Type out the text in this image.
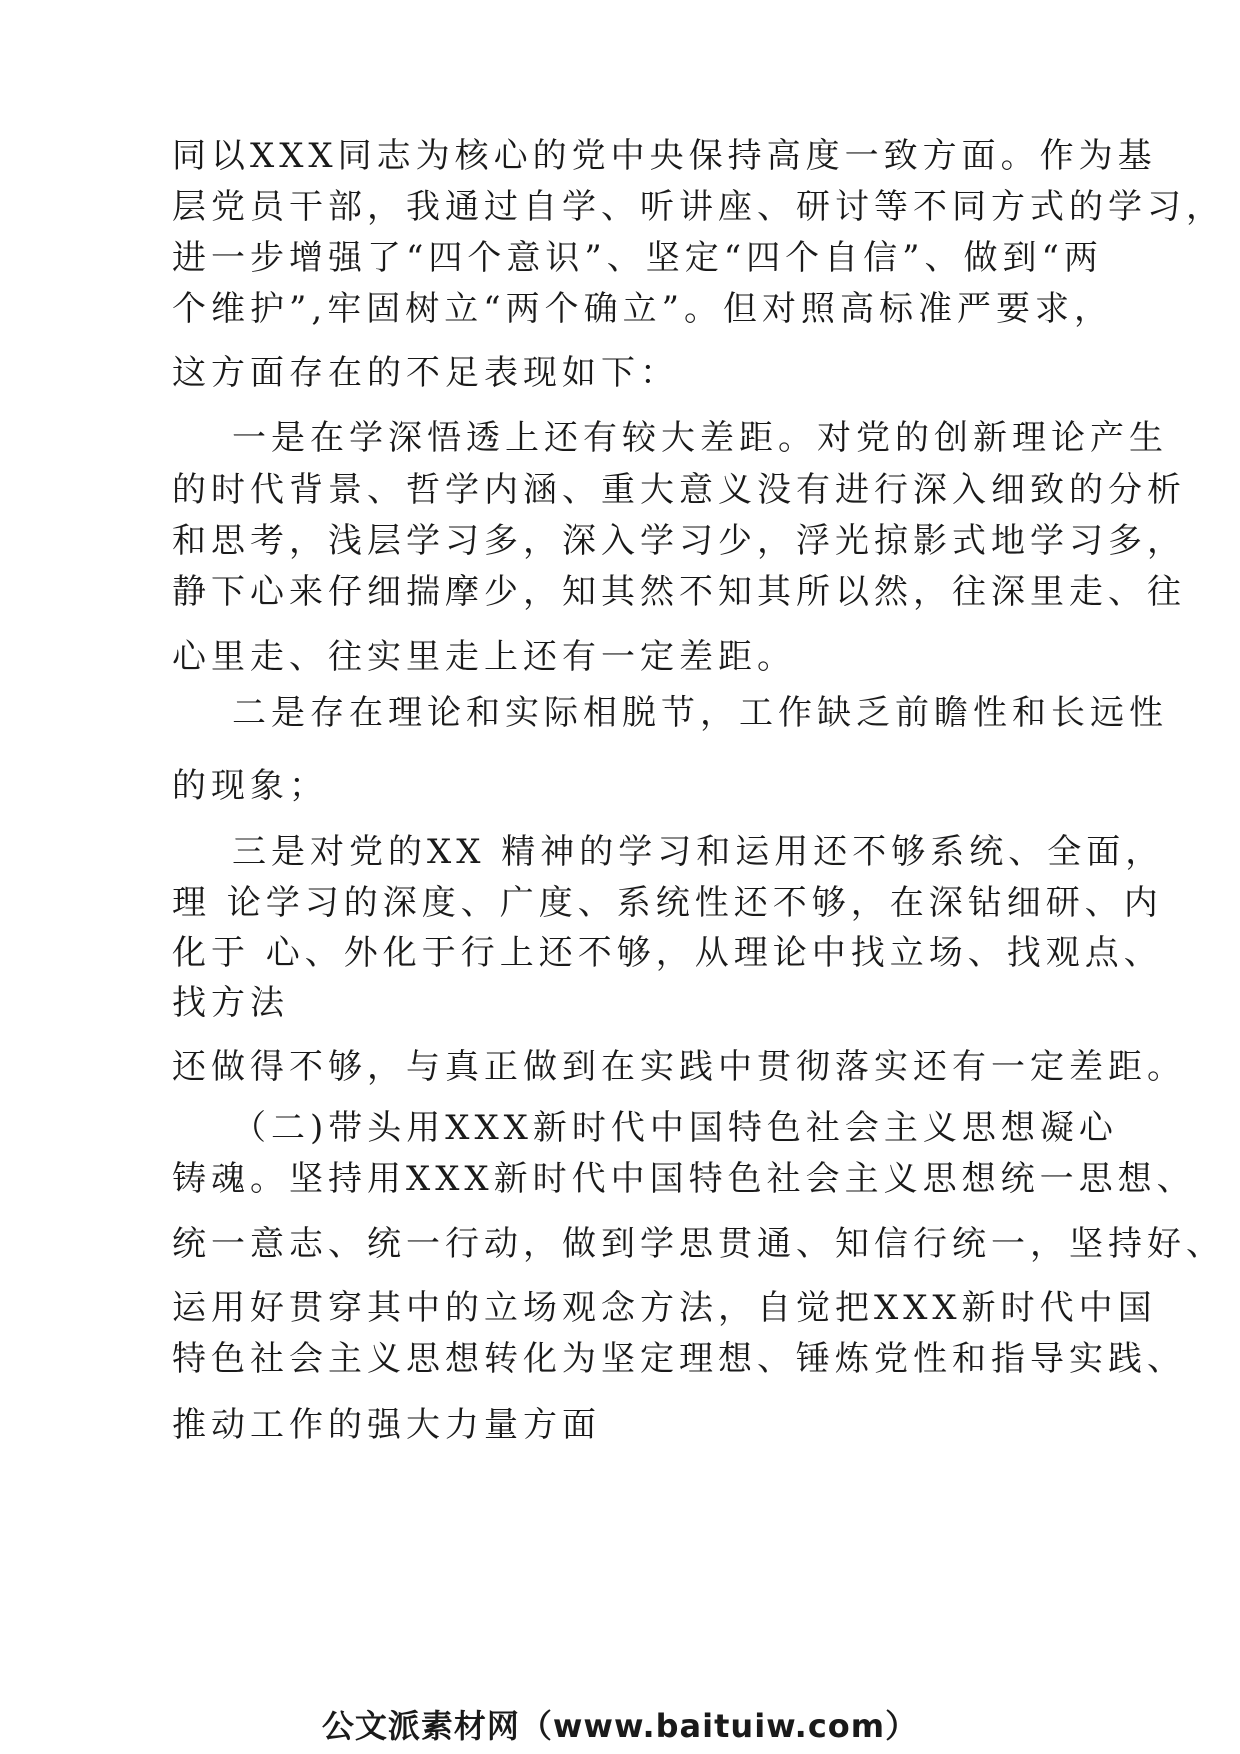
同以XXX同志为核心的党中央保持高度一致方面。作为基
层党员干部，我通过自学、听讲座、研讨等不同方式的学习，
进一步增强了“四个意识”、坚定“四个自信”、做到“两
个维护”,牢固树立“两个确立”。但对照高标准严要求，
这方面存在的不足表现如下：
一是在学深悟透上还有较大差距。对党的创新理论产生
的时代背景、哲学内涵、重大意义没有进行深入细致的分析
和思考，浅层学习多，深入学习少，浮光掠影式地学习多，
静下心来仔细揣摩少，知其然不知其所以然，往深里走、往
心里走、往实里走上还有一定差距。
二是存在理论和实际相脱节，工作缺乏前瞻性和长远性
的现象；
三是对党的XX 精神的学习和运用还不够系统、全面，
理 论学习的深度、广度、系统性还不够，在深钻细研、内
化于 心、外化于行上还不够，从理论中找立场、找观点、
找方法
还做得不够，与真正做到在实践中贯彻落实还有一定差距。
（二)带头用XXX新时代中国特色社会主义思想凝心
铸魂。坚持用XXX新时代中国特色社会主义思想统一思想、
统一意志、统一行动，做到学思贯通、知信行统一，坚持好、
运用好贯穿其中的立场观念方法，自觉把XXX新时代中国
特色社会主义思想转化为坚定理想、锤炼党性和指导实践、
推动工作的强大力量方面
公文派素材网（www.baituiw.com）
